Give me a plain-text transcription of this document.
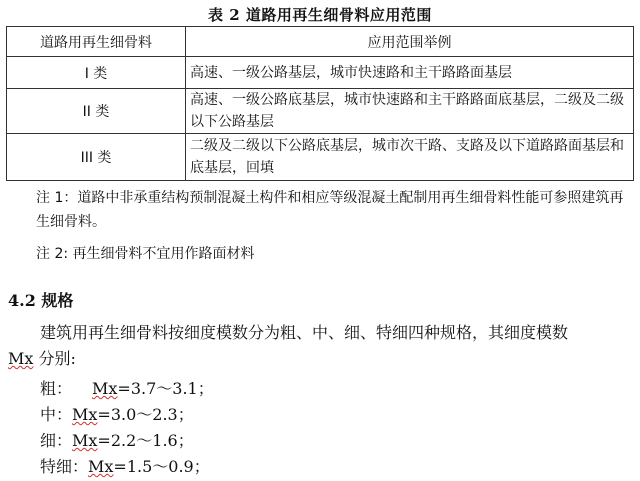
表 2 道路用再生细骨料应用范围
道路用再生细骨料	应用范围举例
I 类	高速、一级公路基层，城市快速路和主干路路面基层
II 类	高速、一级公路底基层，城市快速路和主干路路面底基层，二级及二级以下公路基层
III 类	二级及二级以下公路底基层，城市次干路、支路及以下道路路面基层和底基层，回填
注 1：道路中非承重结构预制混凝土构件和相应等级混凝土配制用再生细骨料性能可参照建筑再生细骨料。
注 2: 再生细骨料不宜用作路面材料
4.2 规格
建筑用再生细骨料按细度模数分为粗、中、细、特细四种规格，其细度模数
Mx 分别:
粗： Mx=3.7～3.1；
中：Mx=3.0～2.3；
细：Mx=2.2～1.6；
特细：Mx=1.5～0.9；
